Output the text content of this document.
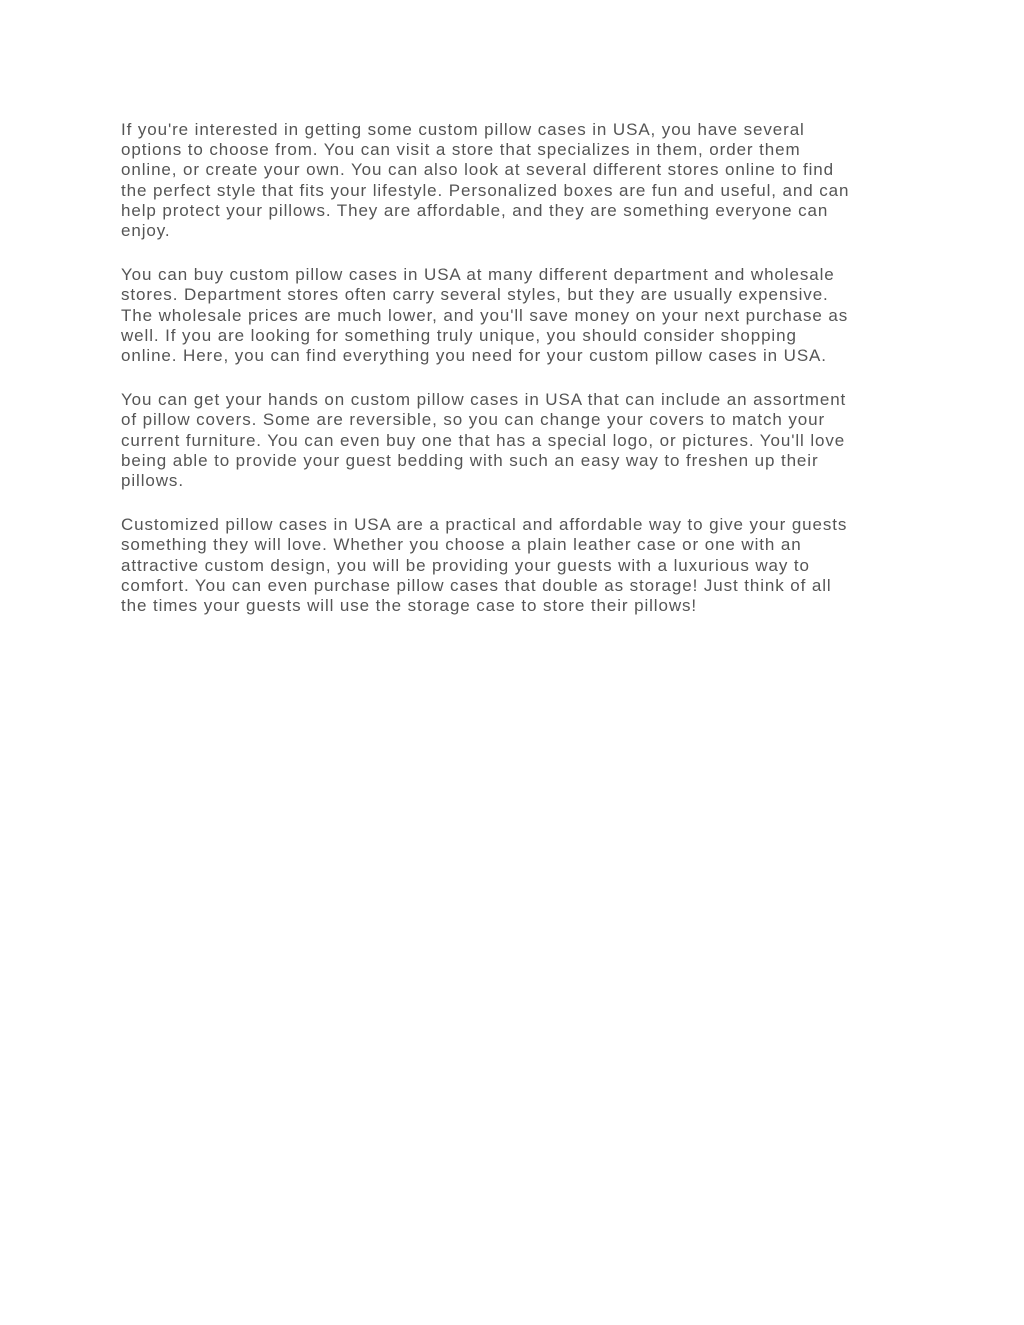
If you're interested in getting some custom pillow cases in USA, you have several
options to choose from. You can visit a store that specializes in them, order them
online, or create your own. You can also look at several different stores online to find
the perfect style that fits your lifestyle. Personalized boxes are fun and useful, and can
help protect your pillows. They are affordable, and they are something everyone can
enjoy.

You can buy custom pillow cases in USA at many different department and wholesale
stores. Department stores often carry several styles, but they are usually expensive.
The wholesale prices are much lower, and you'll save money on your next purchase as
well. If you are looking for something truly unique, you should consider shopping
online. Here, you can find everything you need for your custom pillow cases in USA.

You can get your hands on custom pillow cases in USA that can include an assortment
of pillow covers. Some are reversible, so you can change your covers to match your
current furniture. You can even buy one that has a special logo, or pictures. You'll love
being able to provide your guest bedding with such an easy way to freshen up their
pillows.

Customized pillow cases in USA are a practical and affordable way to give your guests
something they will love. Whether you choose a plain leather case or one with an
attractive custom design, you will be providing your guests with a luxurious way to
comfort. You can even purchase pillow cases that double as storage! Just think of all
the times your guests will use the storage case to store their pillows!
